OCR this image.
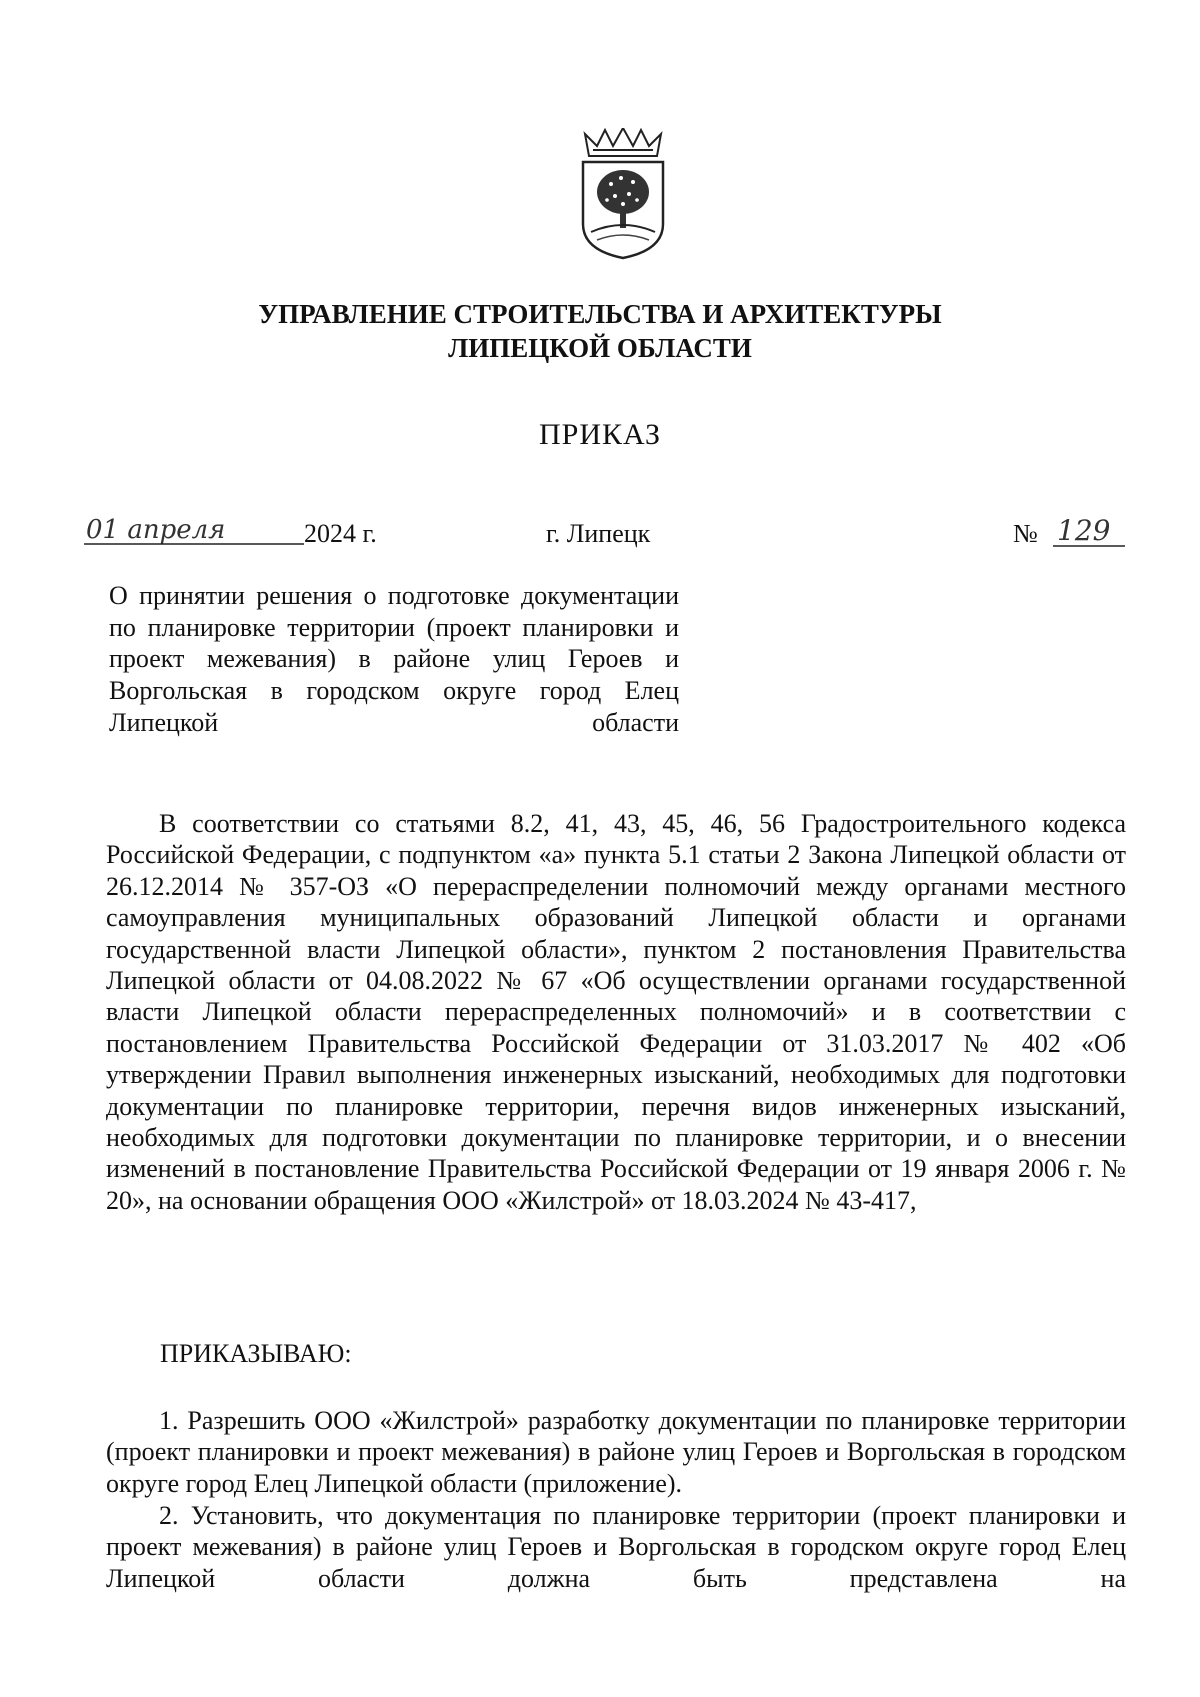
УПРАВЛЕНИЕ СТРОИТЕЛЬСТВА И АРХИТЕКТУРЫ
ЛИПЕЦКОЙ ОБЛАСТИ
ПРИКАЗ
01 апреля	2024 г.	г. Липецк	№ 129
О принятии решения о подготовке документации по планировке территории (проект планировки и проект межевания) в районе улиц Героев и Воргольская в городском округе город Елец Липецкой области

В соответствии со статьями 8.2, 41, 43, 45, 46, 56 Градостроительного кодекса Российской Федерации, с подпунктом «а» пункта 5.1 статьи 2 Закона Липецкой области от 26.12.2014 № 357-ОЗ «О перераспределении полномочий между органами местного самоуправления муниципальных образований Липецкой области и органами государственной власти Липецкой области», пунктом 2 постановления Правительства Липецкой области от 04.08.2022 № 67 «Об осуществлении органами государственной власти Липецкой области перераспределенных полномочий» и в соответствии с постановлением Правительства Российской Федерации от 31.03.2017 № 402 «Об утверждении Правил выполнения инженерных изысканий, необходимых для подготовки документации по планировке территории, перечня видов инженерных изысканий, необходимых для подготовки документации по планировке территории, и о внесении изменений в постановление Правительства Российской Федерации от 19 января 2006 г. № 20», на основании обращения ООО «Жилстрой» от 18.03.2024 № 43-417,

ПРИКАЗЫВАЮ:

1. Разрешить ООО «Жилстрой» разработку документации по планировке территории (проект планировки и проект межевания) в районе улиц Героев и Воргольская в городском округе город Елец Липецкой области (приложение).

2. Установить, что документация по планировке территории (проект планировки и проект межевания) в районе улиц Героев и Воргольская в городском округе город Елец Липецкой области должна быть представлена на
